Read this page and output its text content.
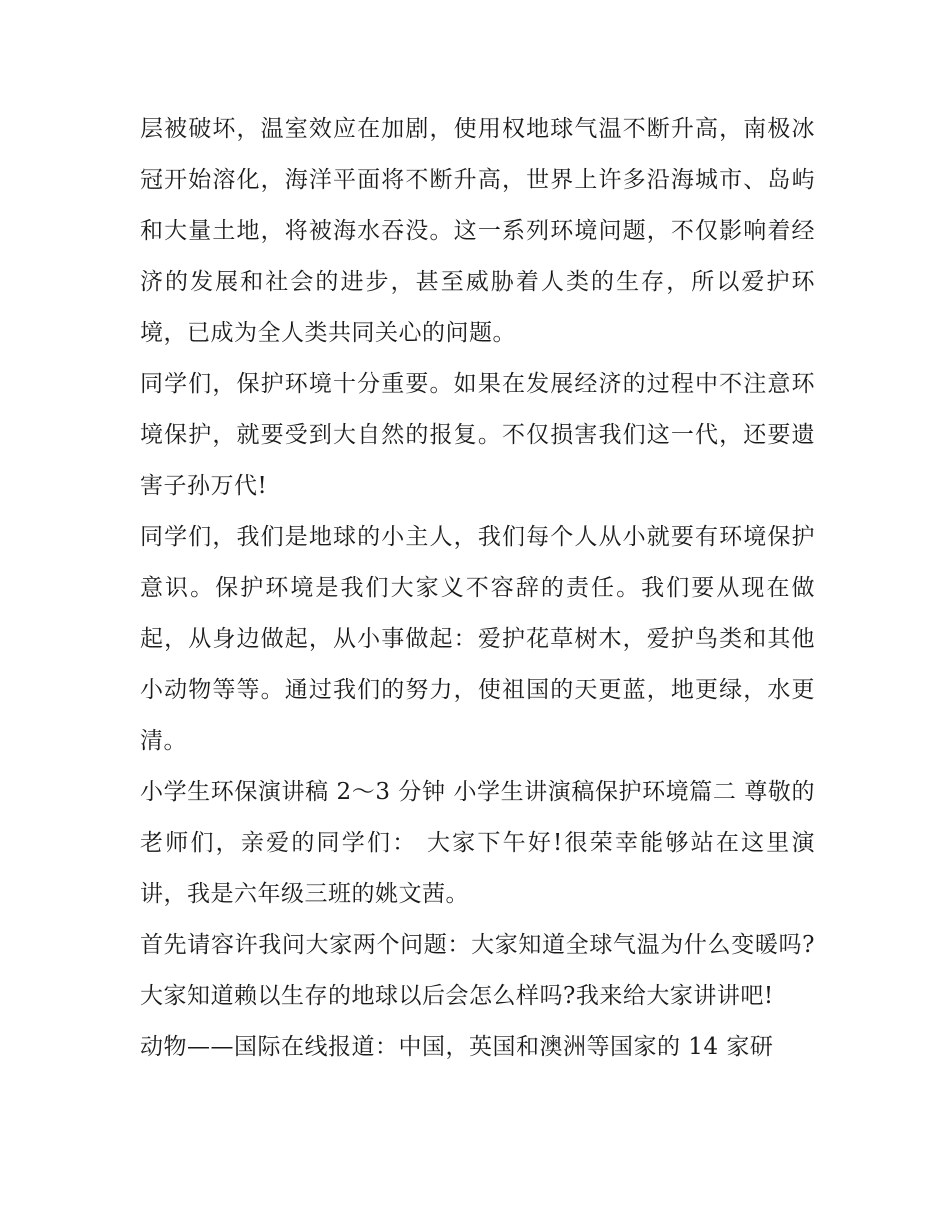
层被破坏，温室效应在加剧，使用权地球气温不断升高，南极冰冠开始溶化，海洋平面将不断升高，世界上许多沿海城市、岛屿和大量土地，将被海水吞没。这一系列环境问题，不仅影响着经济的发展和社会的进步，甚至威胁着人类的生存，所以爱护环境，已成为全人类共同关心的问题。

同学们，保护环境十分重要。如果在发展经济的过程中不注意环境保护，就要受到大自然的报复。不仅损害我们这一代，还要遗害子孙万代!

同学们，我们是地球的小主人，我们每个人从小就要有环境保护意识。保护环境是我们大家义不容辞的责任。我们要从现在做起，从身边做起，从小事做起：爱护花草树木，爱护鸟类和其他小动物等等。通过我们的努力，使祖国的天更蓝，地更绿，水更清。

小学生环保演讲稿 2～3 分钟 小学生讲演稿保护环境篇二 尊敬的老师们，亲爱的同学们： 大家下午好!很荣幸能够站在这里演讲，我是六年级三班的姚文茜。

首先请容许我问大家两个问题：大家知道全球气温为什么变暖吗?大家知道赖以生存的地球以后会怎么样吗?我来给大家讲讲吧!

动物——国际在线报道：中国，英国和澳洲等国家的 14 家研
